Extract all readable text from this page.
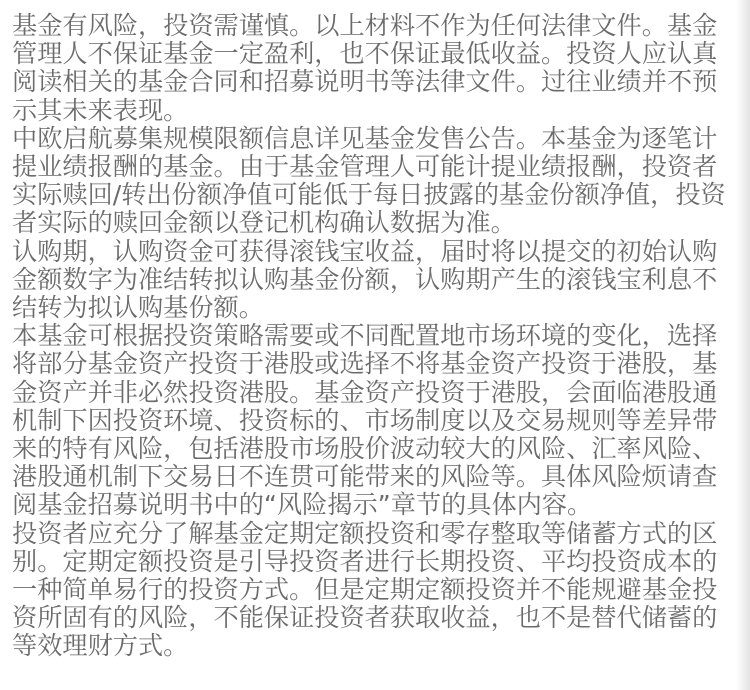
基金有风险，投资需谨慎。以上材料不作为任何法律文件。基金管理人不保证基金一定盈利，也不保证最低收益。投资人应认真阅读相关的基金合同和招募说明书等法律文件。过往业绩并不预示其未来表现。

中欧启航募集规模限额信息详见基金发售公告。本基金为逐笔计提业绩报酬的基金。由于基金管理人可能计提业绩报酬，投资者实际赎回/转出份额净值可能低于每日披露的基金份额净值，投资者实际的赎回金额以登记机构确认数据为准。

认购期，认购资金可获得滚钱宝收益，届时将以提交的初始认购金额数字为准结转拟认购基金份额，认购期产生的滚钱宝利息不结转为拟认购基份额。

本基金可根据投资策略需要或不同配置地市场环境的变化，选择将部分基金资产投资于港股或选择不将基金资产投资于港股，基金资产并非必然投资港股。基金资产投资于港股，会面临港股通机制下因投资环境、投资标的、市场制度以及交易规则等差异带来的特有风险，包括港股市场股价波动较大的风险、汇率风险、港股通机制下交易日不连贯可能带来的风险等。具体风险烦请查阅基金招募说明书中的“风险揭示”章节的具体内容。

投资者应充分了解基金定期定额投资和零存整取等储蓄方式的区别。定期定额投资是引导投资者进行长期投资、平均投资成本的一种简单易行的投资方式。但是定期定额投资并不能规避基金投资所固有的风险，不能保证投资者获取收益，也不是替代储蓄的等效理财方式。
